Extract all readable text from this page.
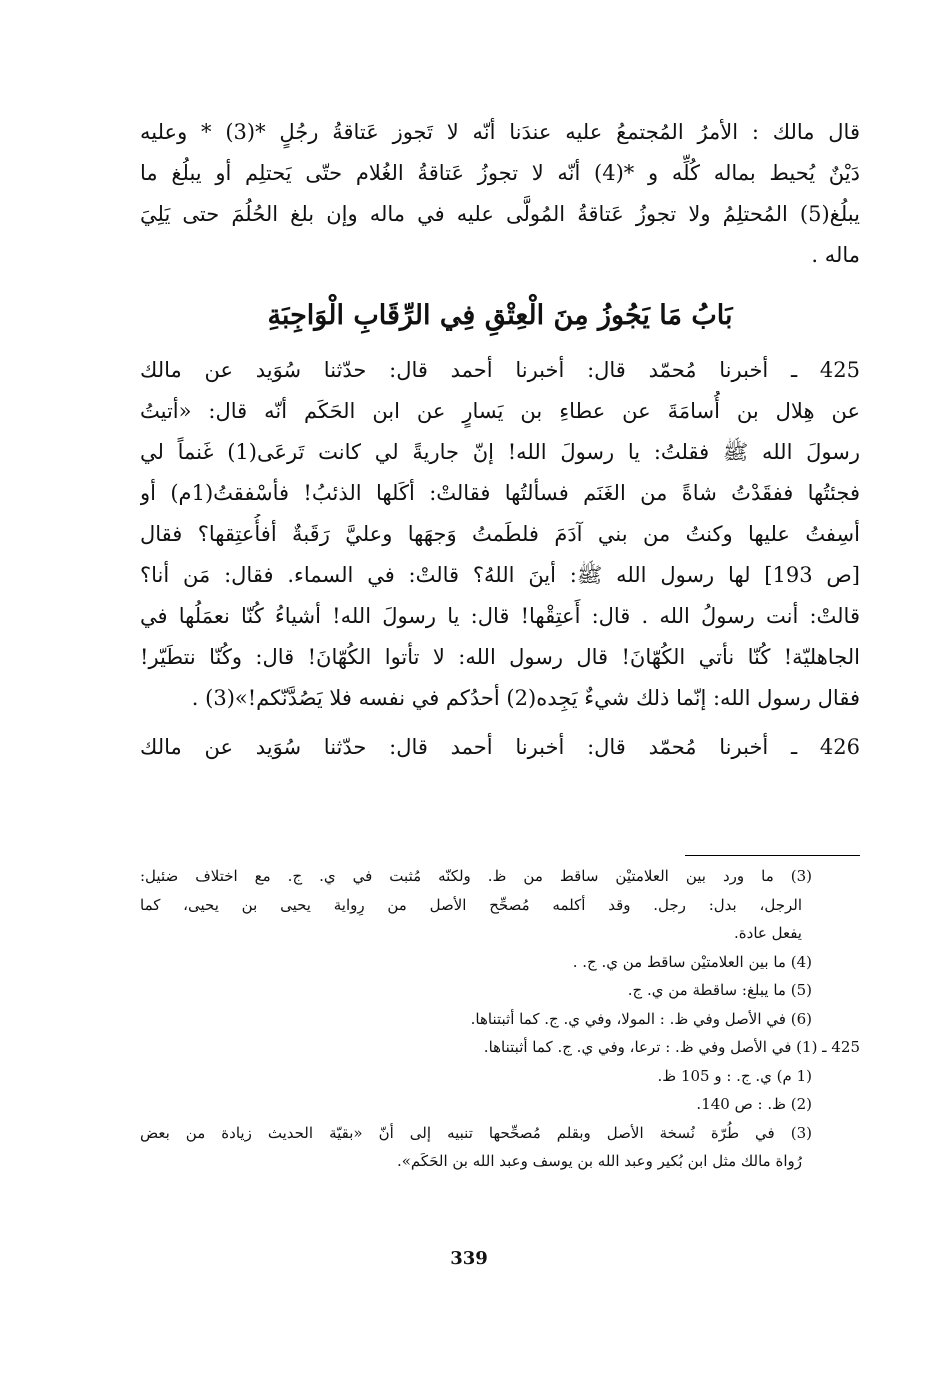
قال مالك : الأمرُ المُجتمعُ عليه عندَنا أنّه لا تَجوز عَتاقةُ رجُلٍ *(3) * وعليه
دَيْنٌ يُحيط بماله كُلِّه و *(4) أنّه لا تجوزُ عَتاقةُ الغُلام حتّى يَحتلِم أو يبلُغ ما
يبلُغ(5) المُحتلِمُ ولا تجوزُ عَتاقةُ المُولَّى عليه في ماله وإن بلغ الحُلُمَ حتى يَلِيَ
ماله .
بَابُ مَا يَجُوزُ مِنَ الْعِتْقِ فِي الرِّقَابِ الْوَاجِبَةِ
425 ـ أخبرنا مُحمّد قال: أخبرنا أحمد قال: حدّثنا سُوَيد عن مالك
عن هِلال بن أُسامَةَ عن عطاءِ بن يَسارٍ عن ابن الحَكَم أنّه قال: «أتيتُ
رسولَ الله ﷺ فقلتُ: يا رسولَ الله! إنّ جاريةً لي كانت تَرعَى(1) غَنماً لي
فجئتُها ففقَدْتُ شاةً من الغَنَم فسألتُها فقالتْ: أكَلها الذئبُ! فأسْفقتُ(1م) أو
أسِفتُ عليها وكنتُ من بني آدَمَ فلطَمتُ وَجهَها وعليَّ رَقَبةٌ أفأُعتِقها؟ فقال
[ص 193] لها رسول الله ﷺ: أينَ اللهُ؟ قالتْ: في السماء. فقال: مَن أنا؟
قالتْ: أنت رسولُ الله . قال: أَعتِقْها! قال: يا رسولَ الله! أشياءُ كُنّا نعمَلُها في
الجاهليّة! كُنّا نأتي الكُهّانَ! قال رسول الله: لا تأتوا الكُهّانَ! قال: وكُنّا نتطَيّر!
فقال رسول الله: إنّما ذلك شيءٌ يَجِده(2) أحدُكم في نفسه فلا يَصُدَّنّكم!»(3) .
426 ـ أخبرنا مُحمّد قال: أخبرنا أحمد قال: حدّثنا سُوَيد عن مالك
(3) ما ورد بين العلامتيْن ساقط من ظ. ولكنّه مُثبت في ي. ج. مع اختلاف ضئيل:
الرجل، بدل: رجل. وقد أكلمه مُصحِّح الأصل من رِواية يحيى بن يحيى، كما
يفعل عادة.
(4) ما بين العلامتيْن ساقط من ي. ج. .
(5) ما يبلغ: ساقطة من ي. ج.
(6) في الأصل وفي ظ. : المولا، وفي ي. ج. كما أثبتناها.
425 ـ (1) في الأصل وفي ظ. : ترعا، وفي ي. ج. كما أثبتناها.
(1 م) ي. ج. : و 105 ظ.
(2) ظ. : ص 140.
(3) في طُرّة نُسخة الأصل وبقلم مُصحِّحها تنبيه إلى أنّ «بقيّة الحديث زيادة من بعض
رُواة مالك مثل ابن بُكير وعبد الله بن يوسف وعبد الله بن الحَكَم».
339
